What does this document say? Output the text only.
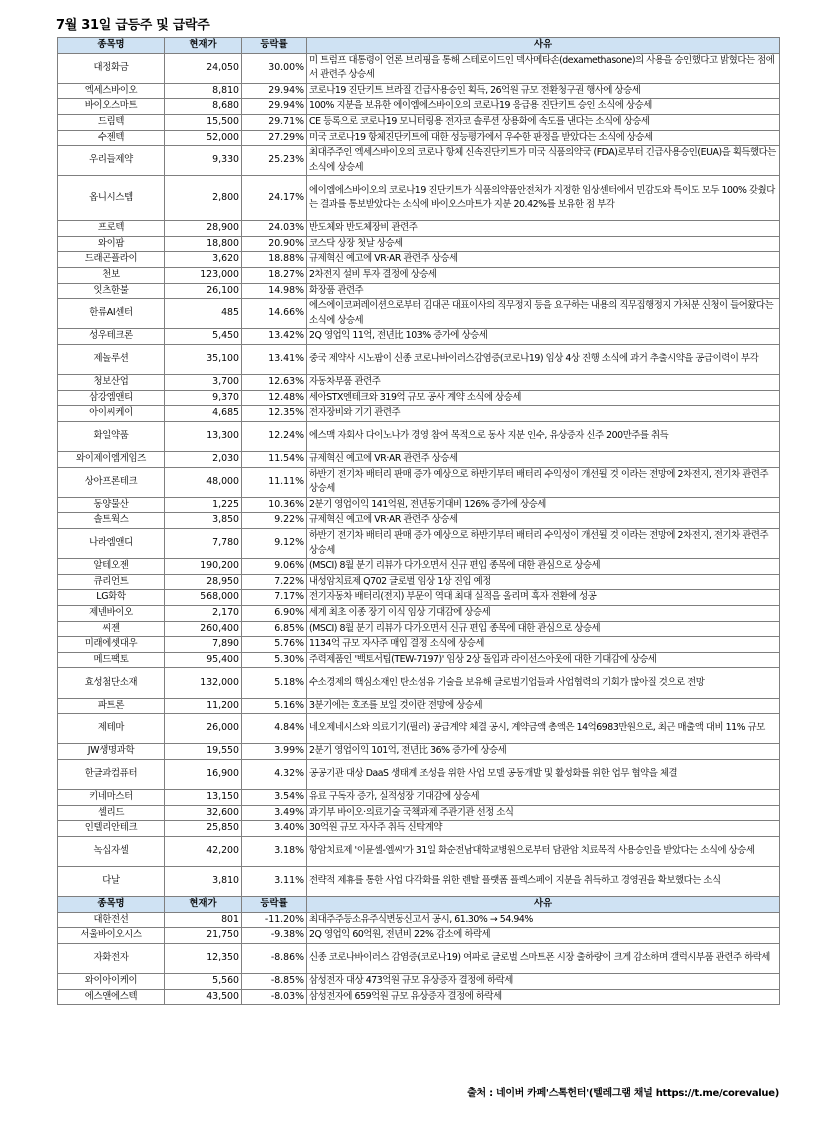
7월 31일 급등주 및 급락주
종목명	현재가	등락률	사유
대정화금	24,050	30.00%	미 트럼프 대통령이 언론 브리핑을 통해 스테로이드인 덱사메타손(dexamethasone)의 사용을 승인했다고 밝혔다는 점에서 관련주 상승세
엑세스바이오	8,810	29.94%	코로나19 진단키트 브라질 긴급사용승인 획득, 26억원 규모 전환청구권 행사에 상승세
바이오스마트	8,680	29.94%	100% 지분을 보유한 에이엠에스바이오의 코로나19 응급용 진단키트 승인 소식에 상승세
드림텍	15,500	29.71%	CE 등록으로 코로나19 모니터링용 전자코 솔루션 상용화에 속도를 낸다는 소식에 상승세
수젠텍	52,000	27.29%	미국 코로나19 항체진단키트에 대한 성능평가에서 우수한 판정을 받았다는 소식에 상승세
우리들제약	9,330	25.23%	최대주주인 엑세스바이오의 코로나 항체 신속진단키트가 미국 식품의약국 (FDA)로부터 긴급사용승인(EUA)을 획득했다는 소식에 상승세
옵니시스템	2,800	24.17%	에이엠에스바이오의 코로나19 진단키트가 식품의약품안전처가 지정한 임상센터에서 민감도와 특이도 모두 100% 갖췄다는 결과를 통보받았다는 소식에 바이오스마트가 지분 20.42%를 보유한 점 부각
프로텍	28,900	24.03%	반도체와 반도체장비 관련주
와이팜	18,800	20.90%	코스닥 상장 첫날 상승세
드래곤플라이	3,620	18.88%	규제혁신 예고에 VR·AR 관련주 상승세
천보	123,000	18.27%	2차전지 설비 투자 결정에 상승세
잇츠한불	26,100	14.98%	화장품 관련주
한류AI센터	485	14.66%	에스에이코퍼레이션으로부터 김대곤 대표이사의 직무정지 등을 요구하는 내용의 직무집행정지 가처분 신청이 들어왔다는 소식에 상승세
성우테크론	5,450	13.42%	2Q 영업익 11억, 전년比 103% 증가에 상승세
제놀루션	35,100	13.41%	중국 제약사 시노팜이 신종 코로나바이러스감염증(코로나19) 임상 4상 진행 소식에 과거 추출시약을 공급이력이 부각
청보산업	3,700	12.63%	자동차부품 관련주
삼강엠앤티	9,370	12.48%	세아STX엔테크와 319억 규모 공사 계약 소식에 상승세
아이씨케이	4,685	12.35%	전자장비와 기기 관련주
화일약품	13,300	12.24%	에스맥 자회사 다이노나가 경영 참여 목적으로 동사 지분 인수, 유상증자 신주 200만주를 취득
와이제이엠게임즈	2,030	11.54%	규제혁신 예고에 VR·AR 관련주 상승세
상아프론테크	48,000	11.11%	하반기 전기차 배터리 판매 증가 예상으로 하반기부터 배터리 수익성이 개선될 것 이라는 전망에 2차전지, 전기차 관련주 상승세
동양물산	1,225	10.36%	2분기 영업이익 141억원, 전년동기대비 126% 증가에 상승세
솔트웍스	3,850	9.22%	규제혁신 예고에 VR·AR 관련주 상승세
나라엠앤디	7,780	9.12%	하반기 전기차 배터리 판매 증가 예상으로 하반기부터 배터리 수익성이 개선될 것 이라는 전망에 2차전지, 전기차 관련주 상승세
알테오젠	190,200	9.06%	(MSCI) 8월 분기 리뷰가 다가오면서 신규 편입 종목에 대한 관심으로 상승세
큐리언트	28,950	7.22%	내성암치료제 Q702 글로벌 임상 1상 진입 예정
LG화학	568,000	7.17%	전기자동차 배터리(전지) 부문이 역대 최대 실적을 올리며 흑자 전환에 성공
제넨바이오	2,170	6.90%	세계 최초 이종 장기 이식 임상 기대감에 상승세
씨젠	260,400	6.85%	(MSCI) 8월 분기 리뷰가 다가오면서 신규 편입 종목에 대한 관심으로 상승세
미래에셋대우	7,890	5.76%	1134억 규모 자사주 매입 결정 소식에 상승세
메드팩토	95,400	5.30%	주력제품인 '백토서팁(TEW-7197)' 임상 2상 돌입과 라이선스아웃에 대한 기대감에 상승세
효성첨단소재	132,000	5.18%	수소경제의 핵심소재인 탄소섬유 기술을 보유해 글로벌기업들과 사업협력의 기회가 많아질 것으로 전망
파트론	11,200	5.16%	3분기에는 호조를 보일 것이란 전망에 상승세
제테마	26,000	4.84%	네오제네시스와 의료기기(필러) 공급계약 체결 공시, 계약금액 총액은 14억6983만원으로, 최근 매출액 대비 11% 규모
JW생명과학	19,550	3.99%	2분기 영업이익 101억, 전년比 36% 증가에 상승세
한글과컴퓨터	16,900	4.32%	공공기관 대상 DaaS 생태계 조성을 위한 사업 모델 공동개발 및 활성화를 위한 업무 협약을 체결
키네마스터	13,150	3.54%	유료 구독자 증가, 실적성장 기대감에 상승세
셀리드	32,600	3.49%	과기부 바이오·의료기술 국책과제 주관기관 선정 소식
인텔리안테크	25,850	3.40%	30억원 규모 자사주 취득 신탁계약
녹십자셀	42,200	3.18%	항암치료제 '이뮨셀-엘씨'가 31일 화순전남대학교병원으로부터 담관암 치료목적 사용승인을 받았다는 소식에 상승세
다날	3,810	3.11%	전략적 제휴를 통한 사업 다각화를 위한 렌탈 플랫폼 플렉스페이 지분을 취득하고 경영권을 확보했다는 소식
종목명	현재가	등락률	사유
대한전선	801	-11.20%	최대주주등소유주식변동신고서 공시, 61.30% → 54.94%
서울바이오시스	21,750	-9.38%	2Q 영업익 60억원, 전년비 22% 감소에 하락세
자화전자	12,350	-8.86%	신종 코로나바이러스 감염증(코로나19) 여파로 글로벌 스마트폰 시장 출하량이 크게 감소하며 갤럭시부품 관련주 하락세
와이아이케이	5,560	-8.85%	삼성전자 대상 473억원 규모 유상증자 결정에 하락세
에스앤에스텍	43,500	-8.03%	삼성전자에 659억원 규모 유상증자 결정에 하락세
출처 : 네이버 카페'스톡헌터'(텔레그램 채널 https://t.me/corevalue)
